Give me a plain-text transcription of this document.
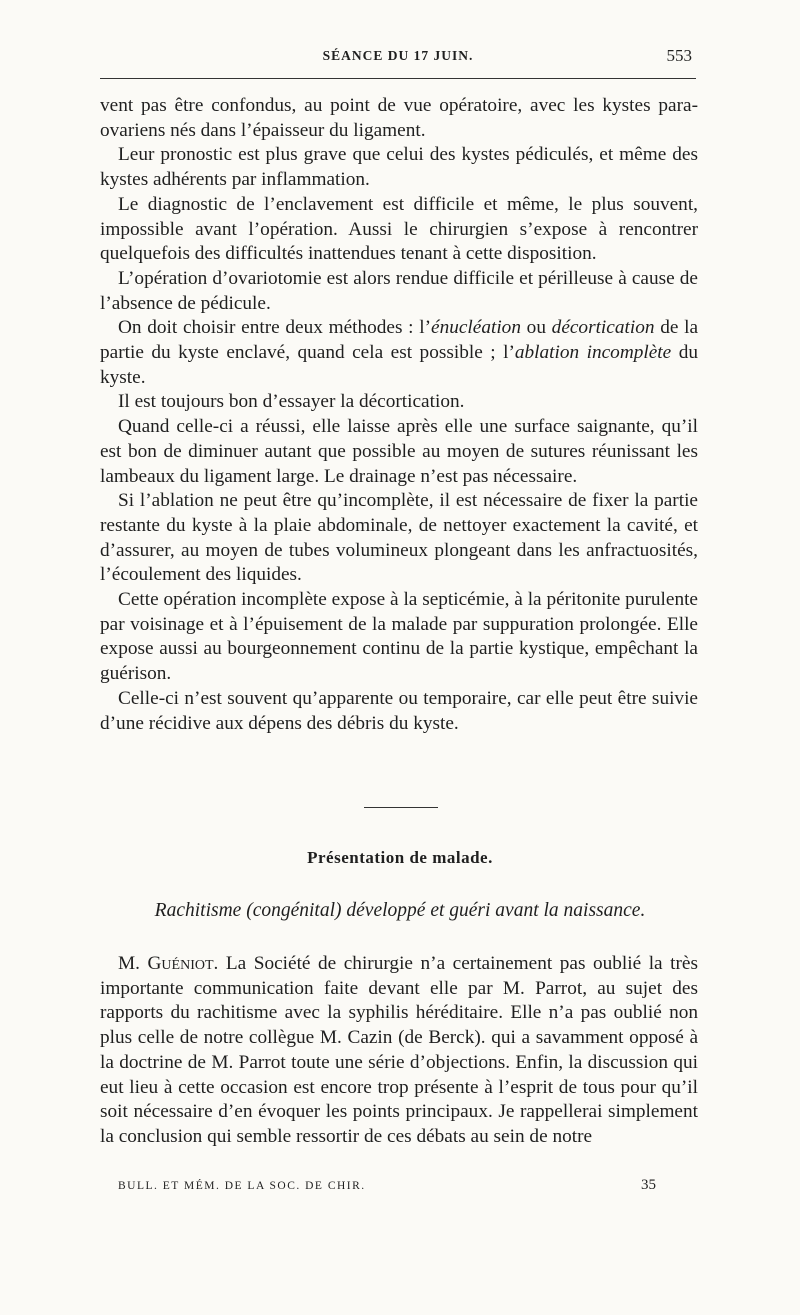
SÉANCE DU 17 JUIN.	553

vent pas être confondus, au point de vue opératoire, avec les kystes para-ovariens nés dans l’épaisseur du ligament.

Leur pronostic est plus grave que celui des kystes pédiculés, et même des kystes adhérents par inflammation.

Le diagnostic de l’enclavement est difficile et même, le plus souvent, impossible avant l’opération. Aussi le chirurgien s’expose à rencontrer quelquefois des difficultés inattendues tenant à cette disposition.

L’opération d’ovariotomie est alors rendue difficile et périlleuse à cause de l’absence de pédicule.

On doit choisir entre deux méthodes : l’énucléation ou décortication de la partie du kyste enclavé, quand cela est possible ; l’ablation incomplète du kyste.

Il est toujours bon d’essayer la décortication.

Quand celle-ci a réussi, elle laisse après elle une surface saignante, qu’il est bon de diminuer autant que possible au moyen de sutures réunissant les lambeaux du ligament large. Le drainage n’est pas nécessaire.

Si l’ablation ne peut être qu’incomplète, il est nécessaire de fixer la partie restante du kyste à la plaie abdominale, de nettoyer exactement la cavité, et d’assurer, au moyen de tubes volumineux plongeant dans les anfractuosités, l’écoulement des liquides.

Cette opération incomplète expose à la septicémie, à la péritonite purulente par voisinage et à l’épuisement de la malade par suppuration prolongée. Elle expose aussi au bourgeonnement continu de la partie kystique, empêchant la guérison.

Celle-ci n’est souvent qu’apparente ou temporaire, car elle peut être suivie d’une récidive aux dépens des débris du kyste.

Présentation de malade.
Rachitisme (congénital) développé et guéri avant la naissance.

M. Guéniot. La Société de chirurgie n’a certainement pas oublié la très importante communication faite devant elle par M. Parrot, au sujet des rapports du rachitisme avec la syphilis héréditaire. Elle n’a pas oublié non plus celle de notre collègue M. Cazin (de Berck). qui a savamment opposé à la doctrine de M. Parrot toute une série d’objections. Enfin, la discussion qui eut lieu à cette occasion est encore trop présente à l’esprit de tous pour qu’il soit nécessaire d’en évoquer les points principaux. Je rappellerai simplement la conclusion qui semble ressortir de ces débats au sein de notre

BULL. ET MÉM. DE LA SOC. DE CHIR.	35
